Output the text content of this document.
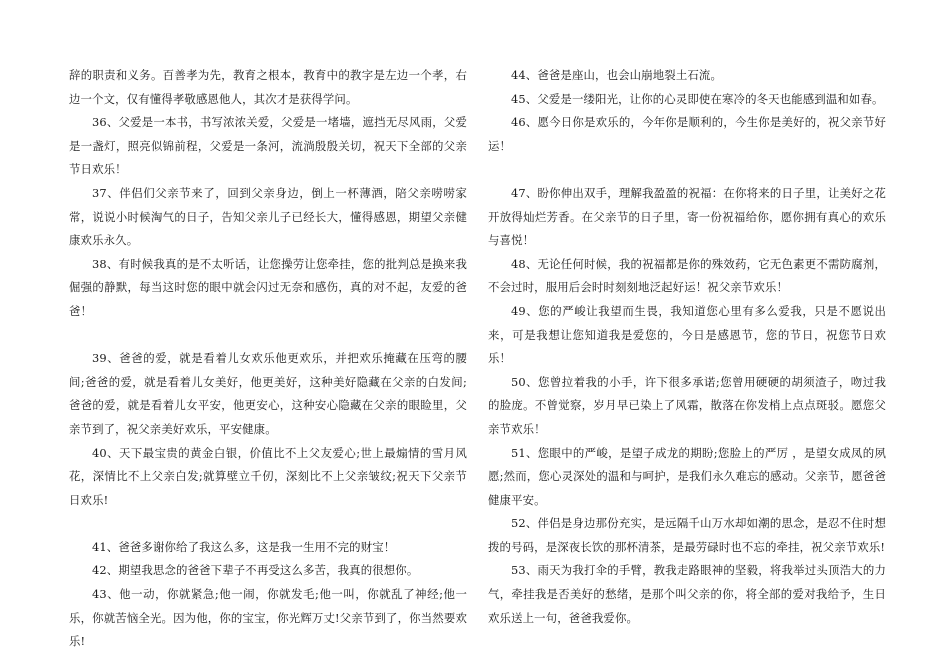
辞的职责和义务。百善孝为先，教育之根本，教育中的教字是左边一个孝，右边一个文，仅有懂得孝敬感恩他人，其次才是获得学问。

36、父爱是一本书，书写浓浓关爱，父爱是一堵墙，遮挡无尽风雨，父爱是一盏灯，照亮似锦前程，父爱是一条河，流淌殷殷关切，祝天下全部的父亲节日欢乐！

37、伴侣们父亲节来了，回到父亲身边，倒上一杯薄酒，陪父亲唠唠家常，说说小时候淘气的日子，告知父亲儿子已经长大，懂得感恩，期望父亲健康欢乐永久。

38、有时候我真的是不太听话，让您操劳让您牵挂，您的批判总是换来我倔强的静默，每当这时您的眼中就会闪过无奈和感伤，真的对不起，友爱的爸爸！

39、爸爸的爱，就是看着儿女欢乐他更欢乐，并把欢乐掩藏在压弯的腰间;爸爸的爱，就是看着儿女美好，他更美好，这种美好隐藏在父亲的白发间;爸爸的爱，就是看着儿女平安，他更安心，这种安心隐藏在父亲的眼睑里，父亲节到了，祝父亲美好欢乐，平安健康。

40、天下最宝贵的黄金白银，价值比不上父友爱心;世上最煽情的雪月风花，深情比不上父亲白发;就算壁立千仞，深刻比不上父亲皱纹;祝天下父亲节日欢乐!

41、爸爸多谢你给了我这么多，这是我一生用不完的财宝！

42、期望我思念的爸爸下辈子不再受这么多苦，我真的很想你。

43、他一动，你就紧急;他一闹，你就发毛;他一叫，你就乱了神经;他一乐，你就苦恼全光。因为他，你的宝宝，你光辉万丈!父亲节到了，你当然要欢乐!

44、爸爸是座山，也会山崩地裂土石流。

45、父爱是一缕阳光，让你的心灵即使在寒冷的冬天也能感到温和如春。

46、愿今日你是欢乐的，今年你是顺利的，今生你是美好的，祝父亲节好运！

47、盼你伸出双手，理解我盈盈的祝福：在你将来的日子里，让美好之花开放得灿烂芳香。在父亲节的日子里，寄一份祝福给你，愿你拥有真心的欢乐与喜悦！

48、无论任何时候，我的祝福都是你的殊效药，它无色素更不需防腐剂，不会过时，服用后会时时刻刻地泛起好运！祝父亲节欢乐！

49、您的严峻让我望而生畏，我知道您心里有多么爱我，只是不愿说出来，可是我想让您知道我是爱您的，今日是感恩节，您的节日，祝您节日欢乐！

50、您曾拉着我的小手，许下很多承诺;您曾用硬硬的胡须渣子，吻过我的脸庞。不曾觉察，岁月早已染上了风霜，散落在你发梢上点点斑驳。愿您父亲节欢乐！

51、您眼中的严峻，是望子成龙的期盼;您脸上的严厉 ，是望女成凤的夙愿;然而，您心灵深处的温和与呵护，是我们永久难忘的感动。父亲节，愿爸爸健康平安。

52、伴侣是身边那份充实，是远隔千山万水却如潮的思念，是忍不住时想拨的号码，是深夜长饮的那杯清茶，是最劳碌时也不忘的牵挂，祝父亲节欢乐!

53、雨天为我打伞的手臂，教我走路眼神的坚毅，将我举过头顶浩大的力气，牵挂我是否美好的愁绪，是那个叫父亲的你，将全部的爱对我给予，生日欢乐送上一句，爸爸我爱你。
